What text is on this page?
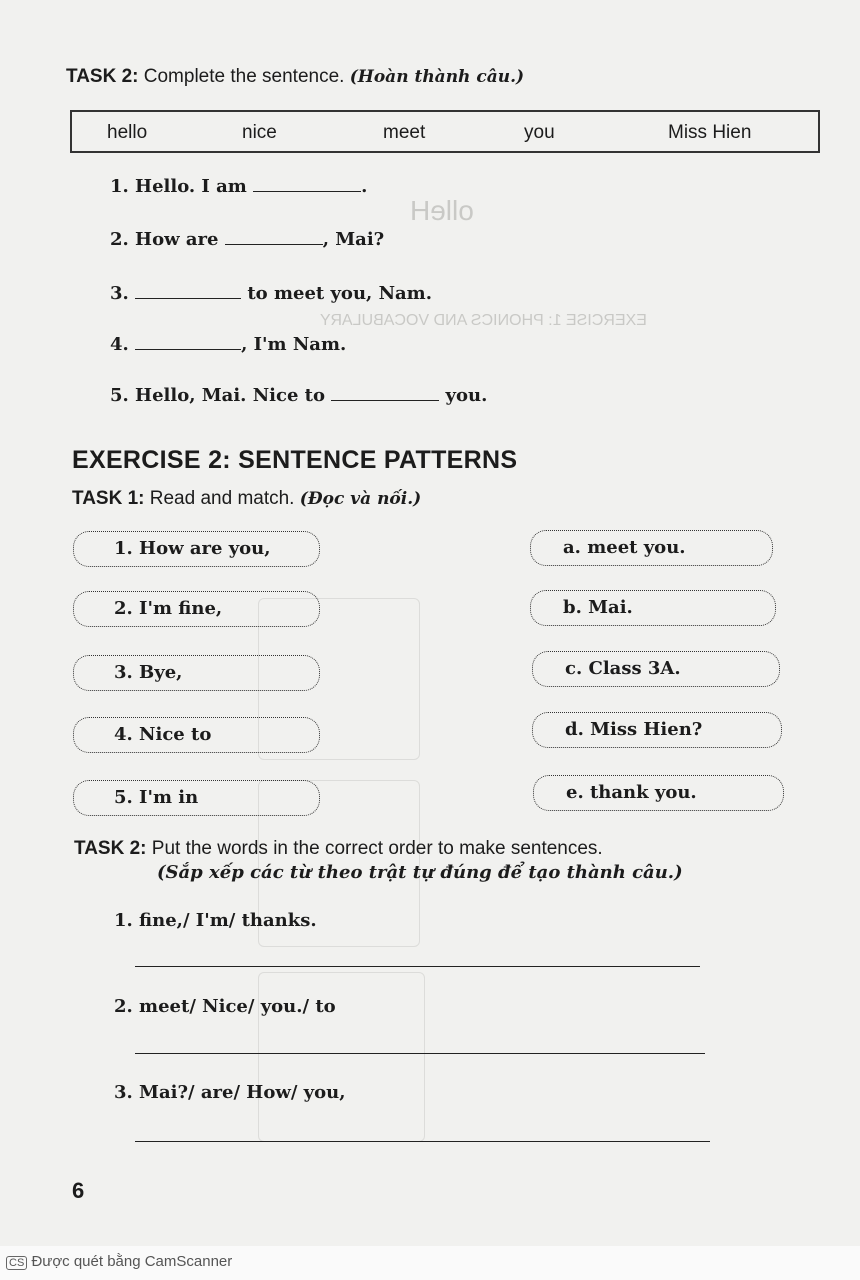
olleH
EXERCISE 1: PHONICS AND VOCABULARY
TASK 2: Complete the sentence. (Hoàn thành câu.)
hello	nice	meet	you	Miss Hien
1. Hello. I am	.
2. How are	, Mai?
3.	to meet you, Nam.
4.	, I'm Nam.
5. Hello, Mai. Nice to	you.
EXERCISE 2: SENTENCE PATTERNS
TASK 1: Read and match. (Đọc và nối.)
1. How are you,
2. I'm fine,
3. Bye,
4. Nice to
5. I'm in
a. meet you.
b. Mai.
c. Class 3A.
d. Miss Hien?
e. thank you.
TASK 2: Put the words in the correct order to make sentences.
(Sắp xếp các từ theo trật tự đúng để tạo thành câu.)
1. fine,/ I'm/ thanks.
2. meet/ Nice/ you./ to
3. Mai?/ are/ How/ you,
6
CS Được quét bằng CamScanner
